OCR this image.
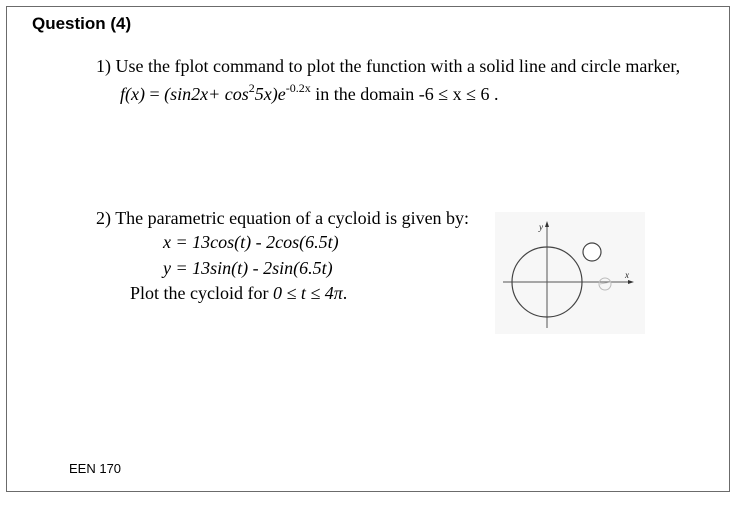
Question (4)
1) Use the fplot command to plot the function with a solid line and circle marker,
$f(x) = (\sin 2x+ \cos^25x)e^{-0.2x}$ in the domain -6 ≤ x ≤ 6 .
2) The parametric equation of a cycloid is given by:
x = 13cos(t) - 2cos(6.5t)
y = 13sin(t) - 2sin(6.5t)
Plot the cycloid for 0 ≤ t ≤ 4π.
y
x
EEN 170
